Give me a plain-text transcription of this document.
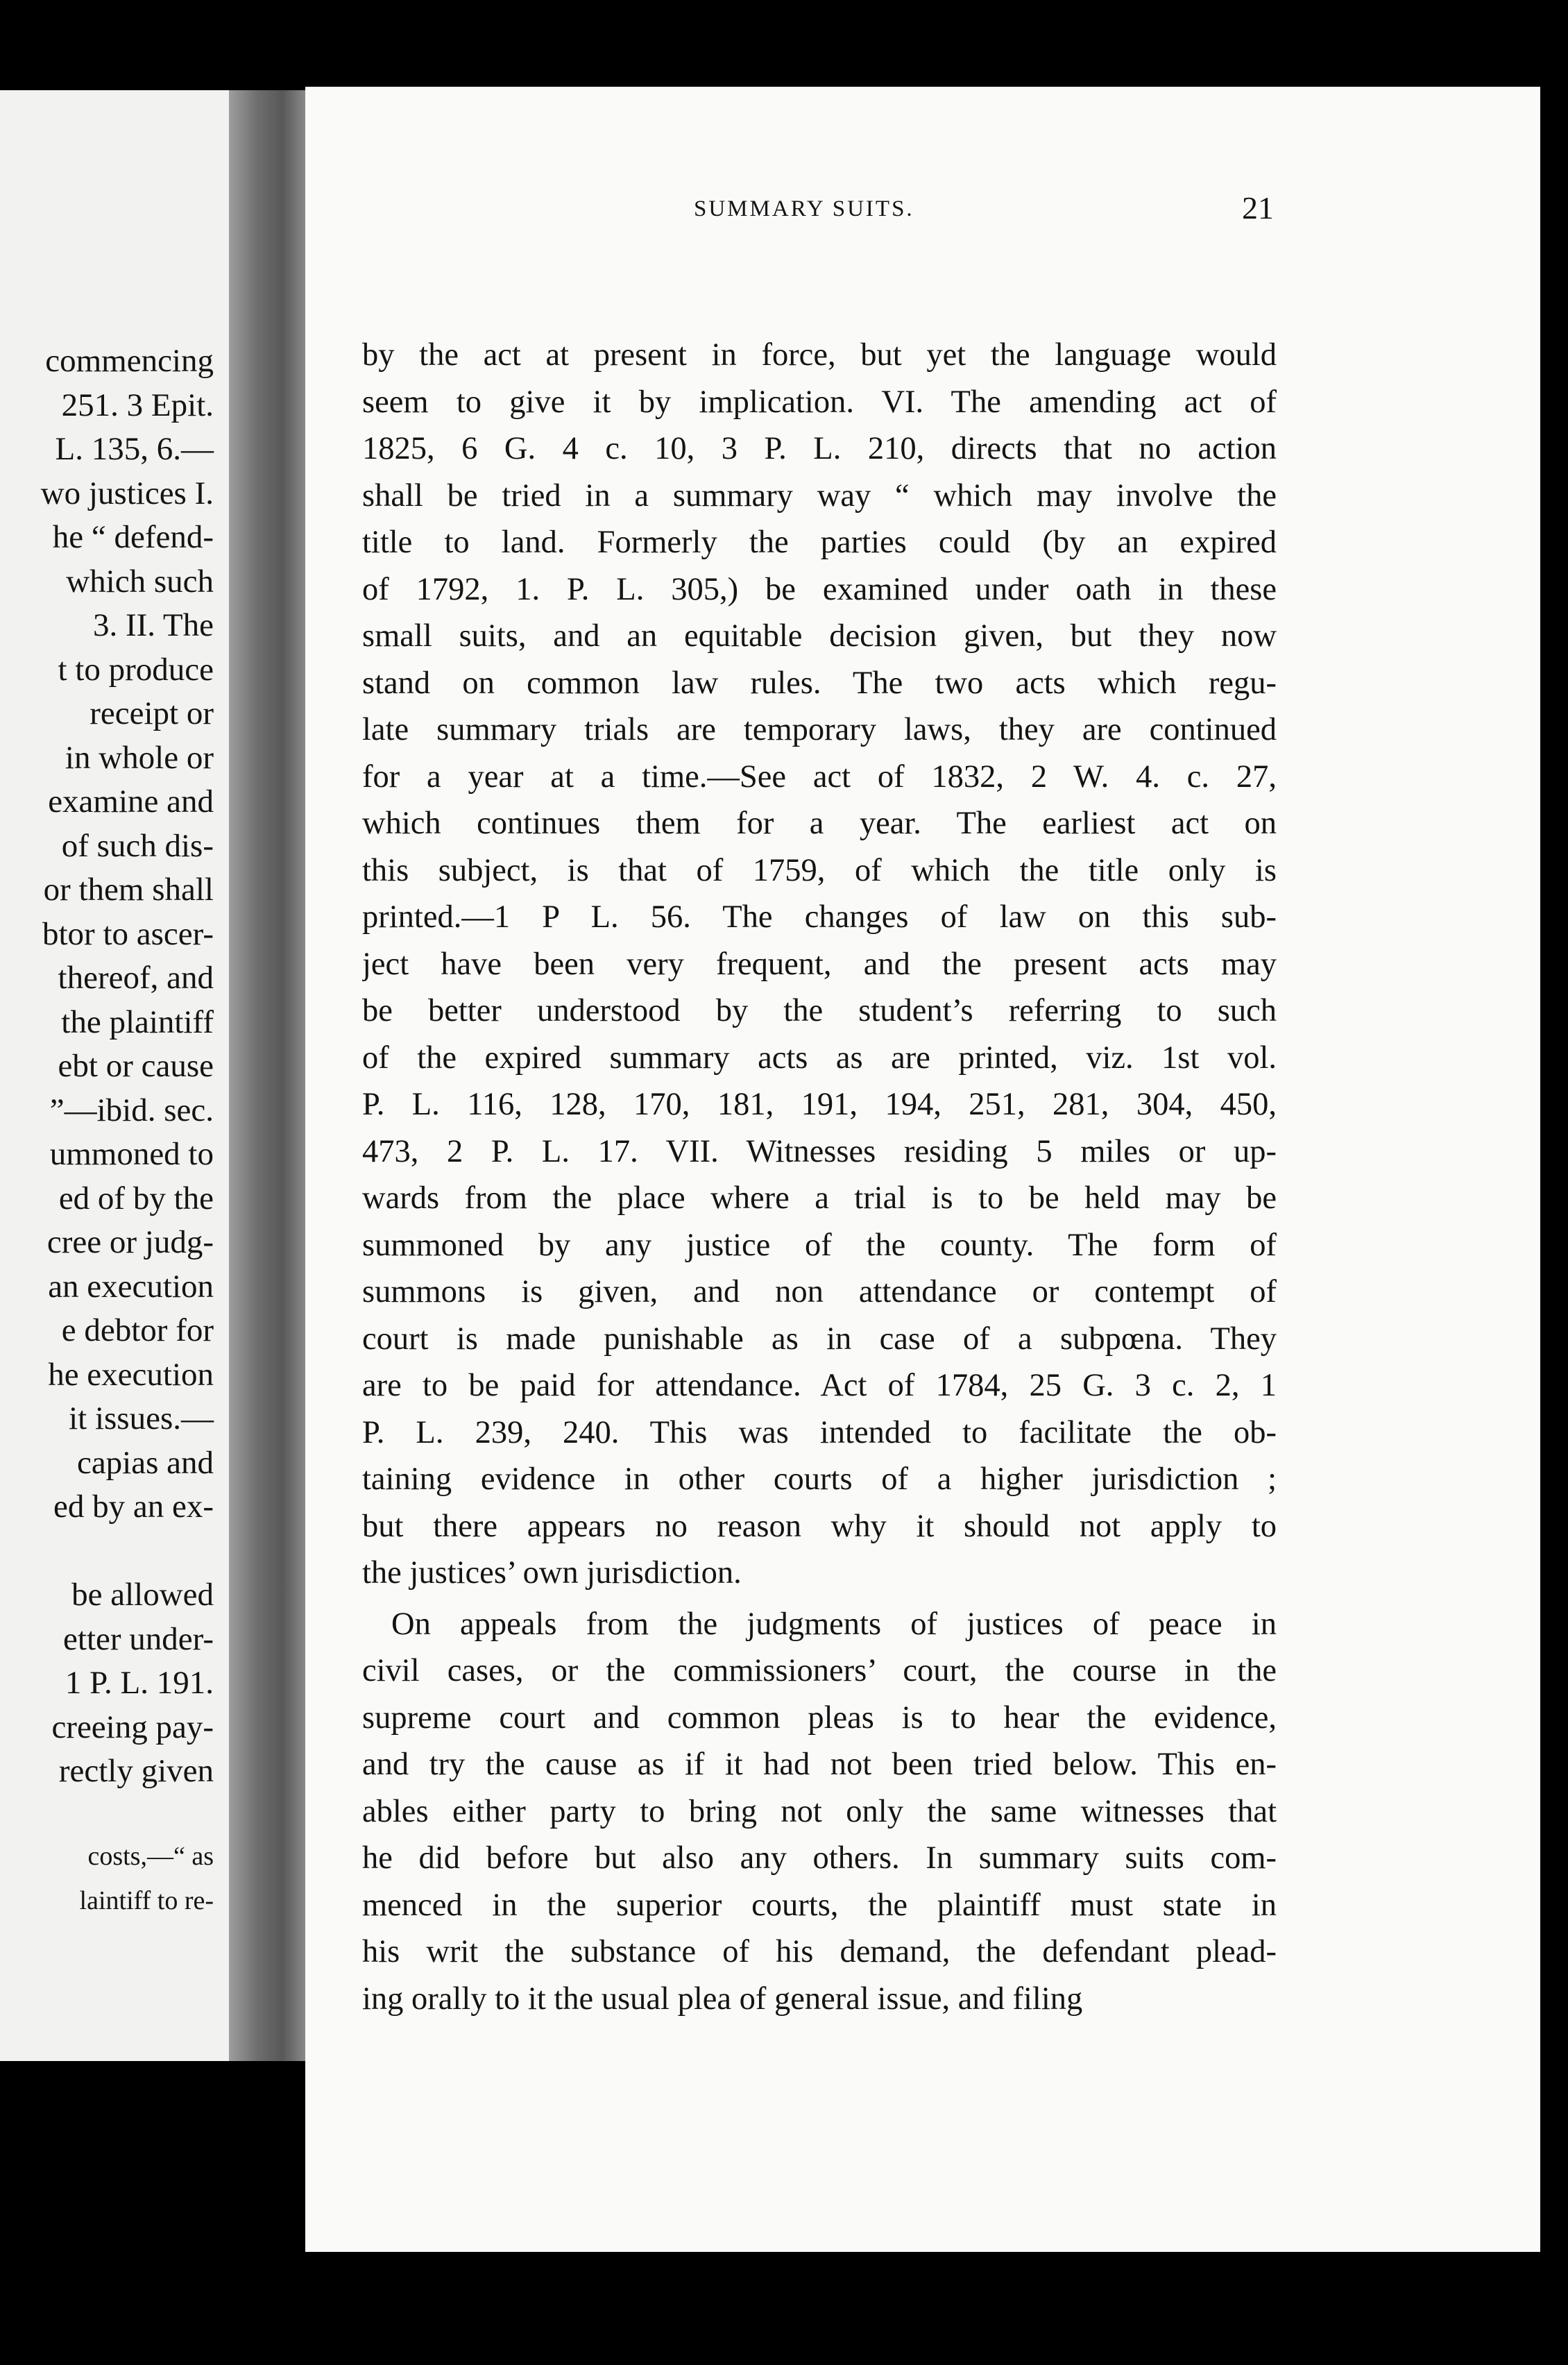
commencing
251. 3 Epit.
L. 135, 6.—
wo justices I.
he “ defend-
which such
3. II. The
t to produce
receipt or
in whole or
examine and
of such dis-
or them shall
btor to ascer-
thereof, and
the plaintiff
ebt or cause
”—ibid. sec.
ummoned to
ed of by the
cree or judg-
an execution
e debtor for
he execution
it issues.—
capias and
ed by an ex-
be allowed
etter under-
1 P. L. 191.
creeing pay-
rectly given
costs,—“ as
laintiff to re-
SUMMARY SUITS.	21
by the act at present in force, but yet the language would
seem to give it by implication. VI. The amending act of
1825, 6 G. 4 c. 10, 3 P. L. 210, directs that no action
shall be tried in a summary way “ which may involve the
title to land. Formerly the parties could (by an expired
of 1792, 1. P. L. 305,) be examined under oath in these
small suits, and an equitable decision given, but they now
stand on common law rules. The two acts which regu-
late summary trials are temporary laws, they are continued
for a year at a time.—See act of 1832, 2 W. 4. c. 27,
which continues them for a year. The earliest act on
this subject, is that of 1759, of which the title only is
printed.—1 P L. 56. The changes of law on this sub-
ject have been very frequent, and the present acts may
be better understood by the student’s referring to such
of the expired summary acts as are printed, viz. 1st vol.
P. L. 116, 128, 170, 181, 191, 194, 251, 281, 304, 450,
473, 2 P. L. 17. VII. Witnesses residing 5 miles or up-
wards from the place where a trial is to be held may be
summoned by any justice of the county. The form of
summons is given, and non attendance or contempt of
court is made punishable as in case of a subpœna. They
are to be paid for attendance. Act of 1784, 25 G. 3 c. 2, 1
P. L. 239, 240. This was intended to facilitate the ob-
taining evidence in other courts of a higher jurisdiction ;
but there appears no reason why it should not apply to
the justices’ own jurisdiction.
On appeals from the judgments of justices of peace in
civil cases, or the commissioners’ court, the course in the
supreme court and common pleas is to hear the evidence,
and try the cause as if it had not been tried below. This en-
ables either party to bring not only the same witnesses that
he did before but also any others. In summary suits com-
menced in the superior courts, the plaintiff must state in
his writ the substance of his demand, the defendant plead-
ing orally to it the usual plea of general issue, and filing
